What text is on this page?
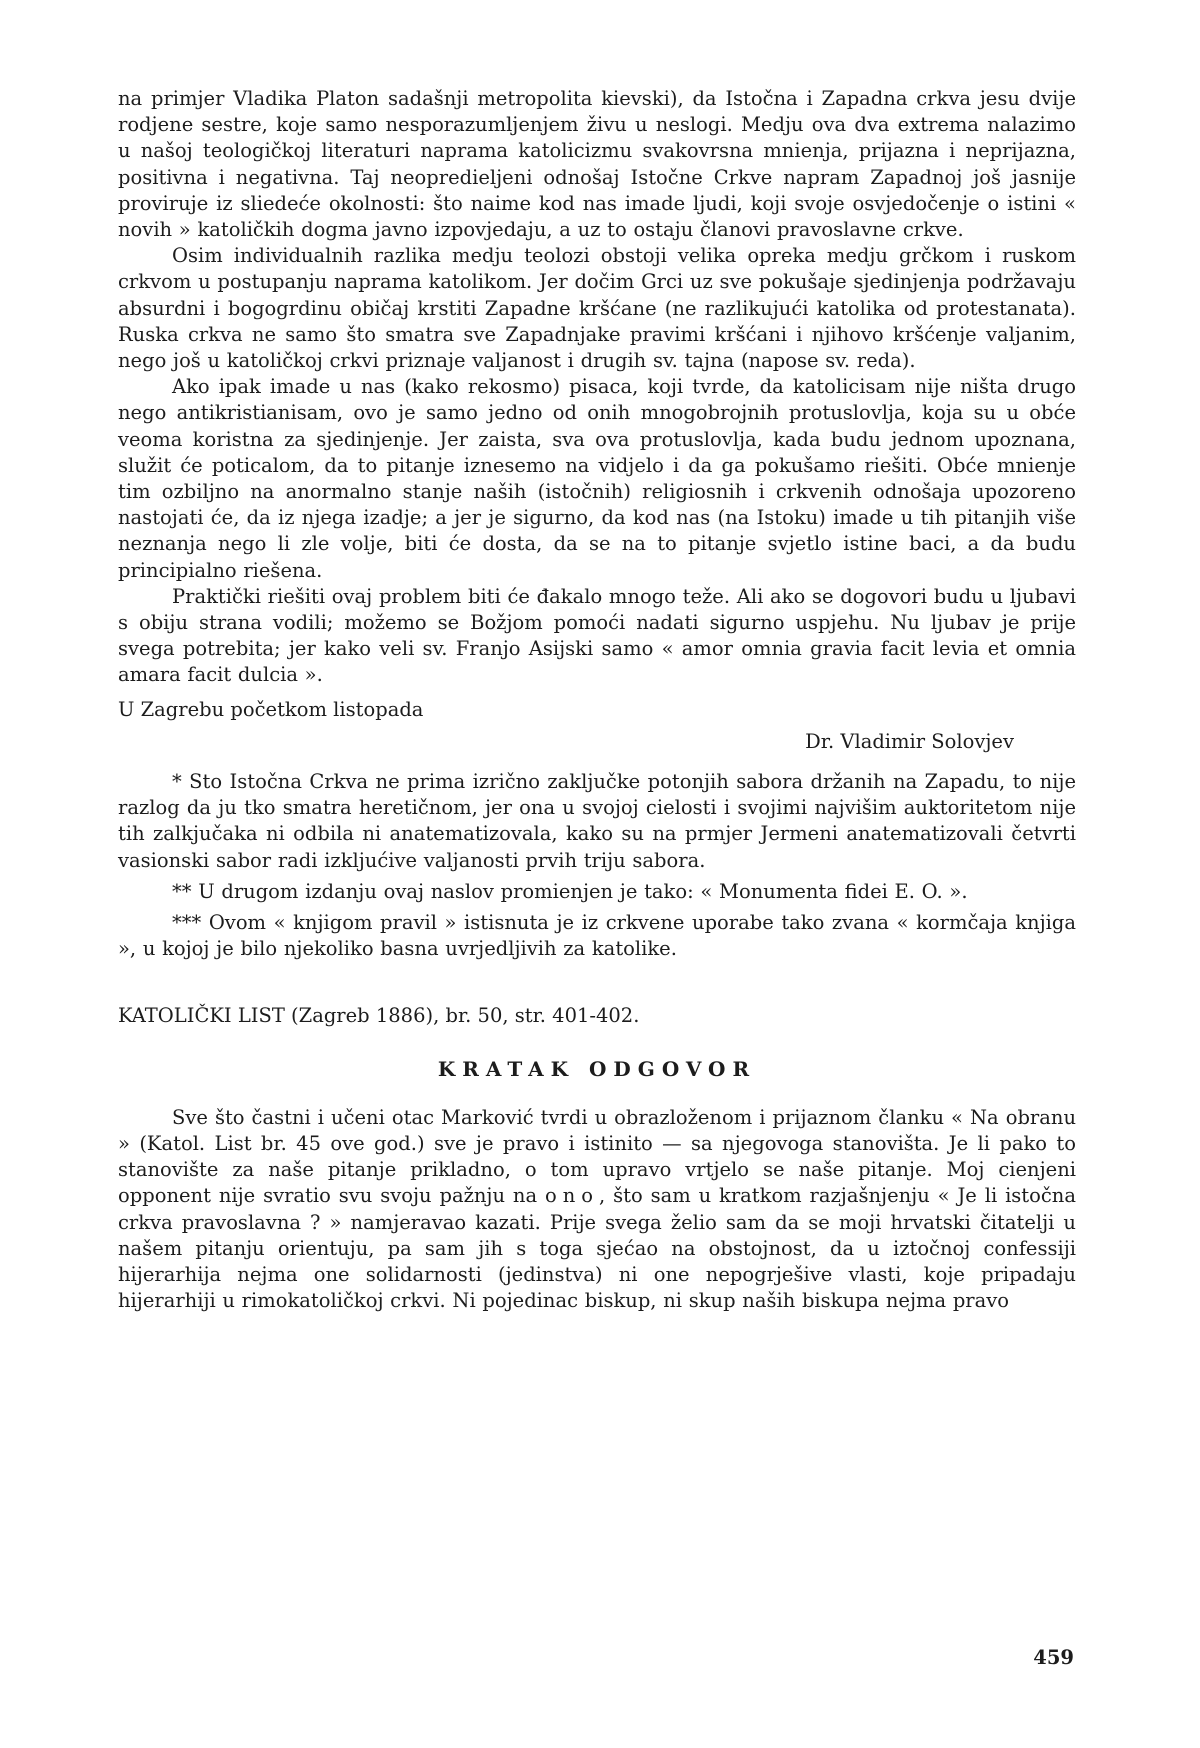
na primjer Vladika Platon sadašnji metropolita kievski), da Istočna i Zapadna crkva jesu dvije rodjene sestre, koje samo nesporazumljenjem živu u neslogi. Medju ova dva extrema nalazimo u našoj teologičkoj literaturi naprama katolicizmu svakovrsna mnienja, prijazna i neprijazna, positivna i negativna. Taj neopredieljeni odnošaj Istočne Crkve napram Zapadnoj još jasnije proviruje iz sliedeće okolnosti: što naime kod nas imade ljudi, koji svoje osvjedočenje o istini « novih » katoličkih dogma javno izpovjedaju, a uz to ostaju članovi pravoslavne crkve.

Osim individualnih razlika medju teolozi obstoji velika opreka medju grčkom i ruskom crkvom u postupanju naprama katolikom. Jer dočim Grci uz sve pokušaje sjedinjenja podržavaju absurdni i bogogrdinu običaj krstiti Zapadne kršćane (ne razlikujući katolika od protestanata). Ruska crkva ne samo što smatra sve Zapadnjake pravimi kršćani i njihovo kršćenje valjanim, nego još u katoličkoj crkvi priznaje valjanost i drugih sv. tajna (napose sv. reda).

Ako ipak imade u nas (kako rekosmo) pisaca, koji tvrde, da katolicisam nije ništa drugo nego antikristianisam, ovo je samo jedno od onih mnogobrojnih protuslovlja, koja su u obće veoma koristna za sjedinjenje. Jer zaista, sva ova protuslovlja, kada budu jednom upoznana, služit će poticalom, da to pitanje iznesemo na vidjelo i da ga pokušamo riešiti. Obće mnienje tim ozbiljno na anormalno stanje naših (istočnih) religiosnih i crkvenih odnošaja upozoreno nastojati će, da iz njega izadje; a jer je sigurno, da kod nas (na Istoku) imade u tih pitanjih više neznanja nego li zle volje, biti će dosta, da se na to pitanje svjetlo istine baci, a da budu principialno riešena.

Praktički riešiti ovaj problem biti će đakalo mnogo teže. Ali ako se dogovori budu u ljubavi s obiju strana vodili; možemo se Božjom pomoći nadati sigurno uspjehu. Nu ljubav je prije svega potrebita; jer kako veli sv. Franjo Asijski samo « amor omnia gravia facit levia et omnia amara facit dulcia ».

U Zagrebu početkom listopada
Dr. Vladimir Solovjev

* Sto Istočna Crkva ne prima izrično zaključke potonjih sabora držanih na Zapadu, to nije razlog da ju tko smatra heretičnom, jer ona u svojoj cielosti i svojimi najvišim auktoritetom nije tih zalkjučaka ni odbila ni anatematizovala, kako su na prmjer Jermeni anatematizovali četvrti vasionski sabor radi izkljućive valjanosti prvih triju sabora.

** U drugom izdanju ovaj naslov promienjen je tako: « Monumenta fidei E. O. ».

*** Ovom « knjigom pravil » istisnuta je iz crkvene uporabe tako zvana « kormčaja knjiga », u kojoj je bilo njekoliko basna uvrjedljivih za katolike.

KATOLIČKI LIST (Zagreb 1886), br. 50, str. 401-402.
KRATAK ODGOVOR

Sve što častni i učeni otac Marković tvrdi u obrazloženom i prijaznom članku « Na obranu » (Katol. List br. 45 ove god.) sve je pravo i istinito — sa njegovoga stanovišta. Je li pako to stanovište za naše pitanje prikladno, o tom upravo vrtjelo se naše pitanje. Moj cienjeni opponent nije svratio svu svoju pažnju na ono, što sam u kratkom razjašnjenju « Je li istočna crkva pravoslavna ? » namjeravao kazati. Prije svega želio sam da se moji hrvatski čitatelji u našem pitanju orientuju, pa sam jih s toga sjećao na obstojnost, da u iztočnoj confessiji hijerarhija nejma one solidarnosti (jedinstva) ni one nepogrješive vlasti, koje pripadaju hijerarhiji u rimokatoličkoj crkvi. Ni pojedinac biskup, ni skup naših biskupa nejma pravo

459
